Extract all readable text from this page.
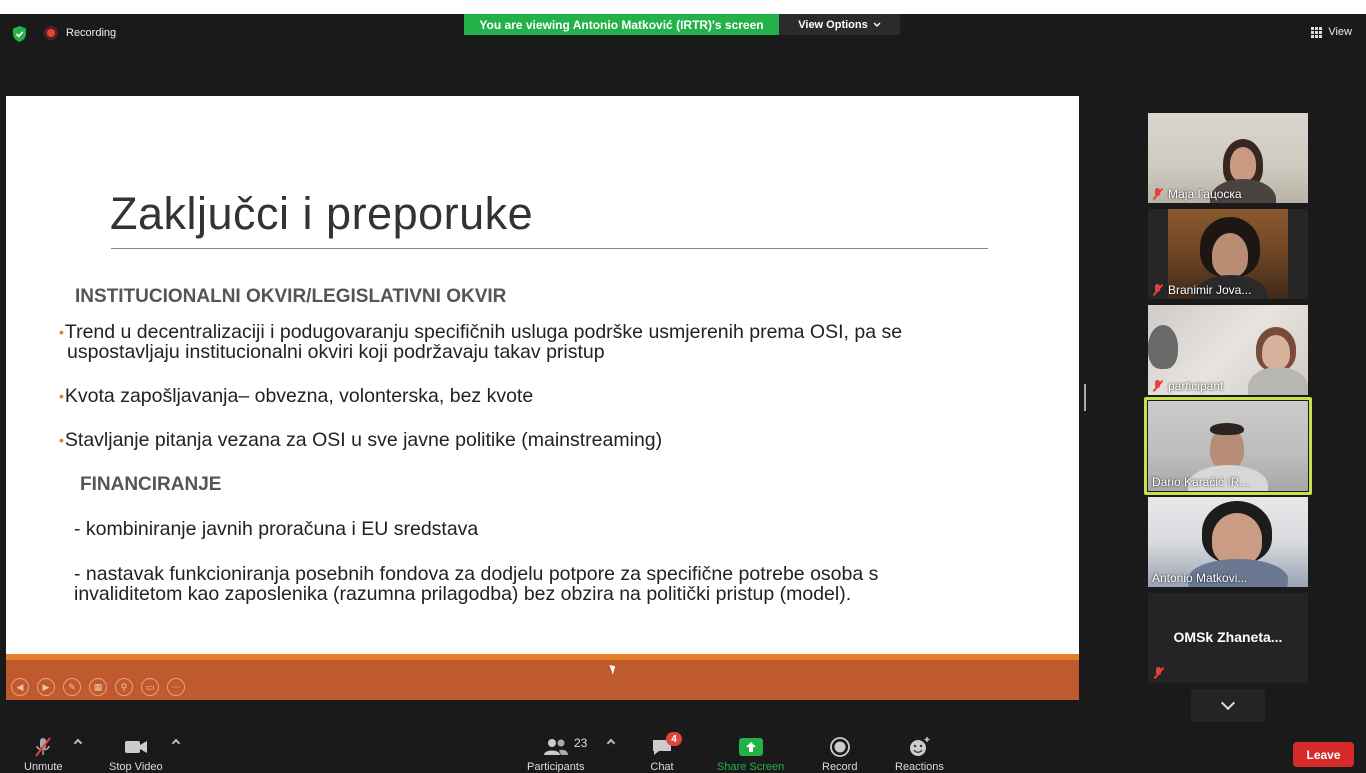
Recording
You are viewing Antonio Matković (IRTR)'s screen	View Options
View
Zaključci i preporuke
INSTITUCIONALNI OKVIR/LEGISLATIVNI OKVIR
•Trend u decentralizaciji i podugovaranju specifičnih usluga podrške usmjerenih prema OSI, pa se
uspostavljaju institucionalni okviri koji podržavaju takav pristup
•Kvota zapošljavanja– obvezna, volonterska, bez kvote
•Stavljanje pitanja vezana za OSI u sve javne politike (mainstreaming)
FINANCIRANJE
- kombiniranje javnih proračuna i EU sredstava
- nastavak funkcioniranja posebnih fondova za dodjelu potpore za specifične potrebe osoba s
invaliditetom kao zaposlenika (razumna prilagodba) bez obzira na politički pristup (model).
◀	▶	✎	▦	⚲	▭	⋯
Маја Гацоска
Branimir Jova...
participant
Dario Karačić IR...
Antonio Matkovi...
OMSk Zhaneta...
Unmute	Stop Video	Participants
23
Chat
4
Share Screen	Record	Reactions
Leave
